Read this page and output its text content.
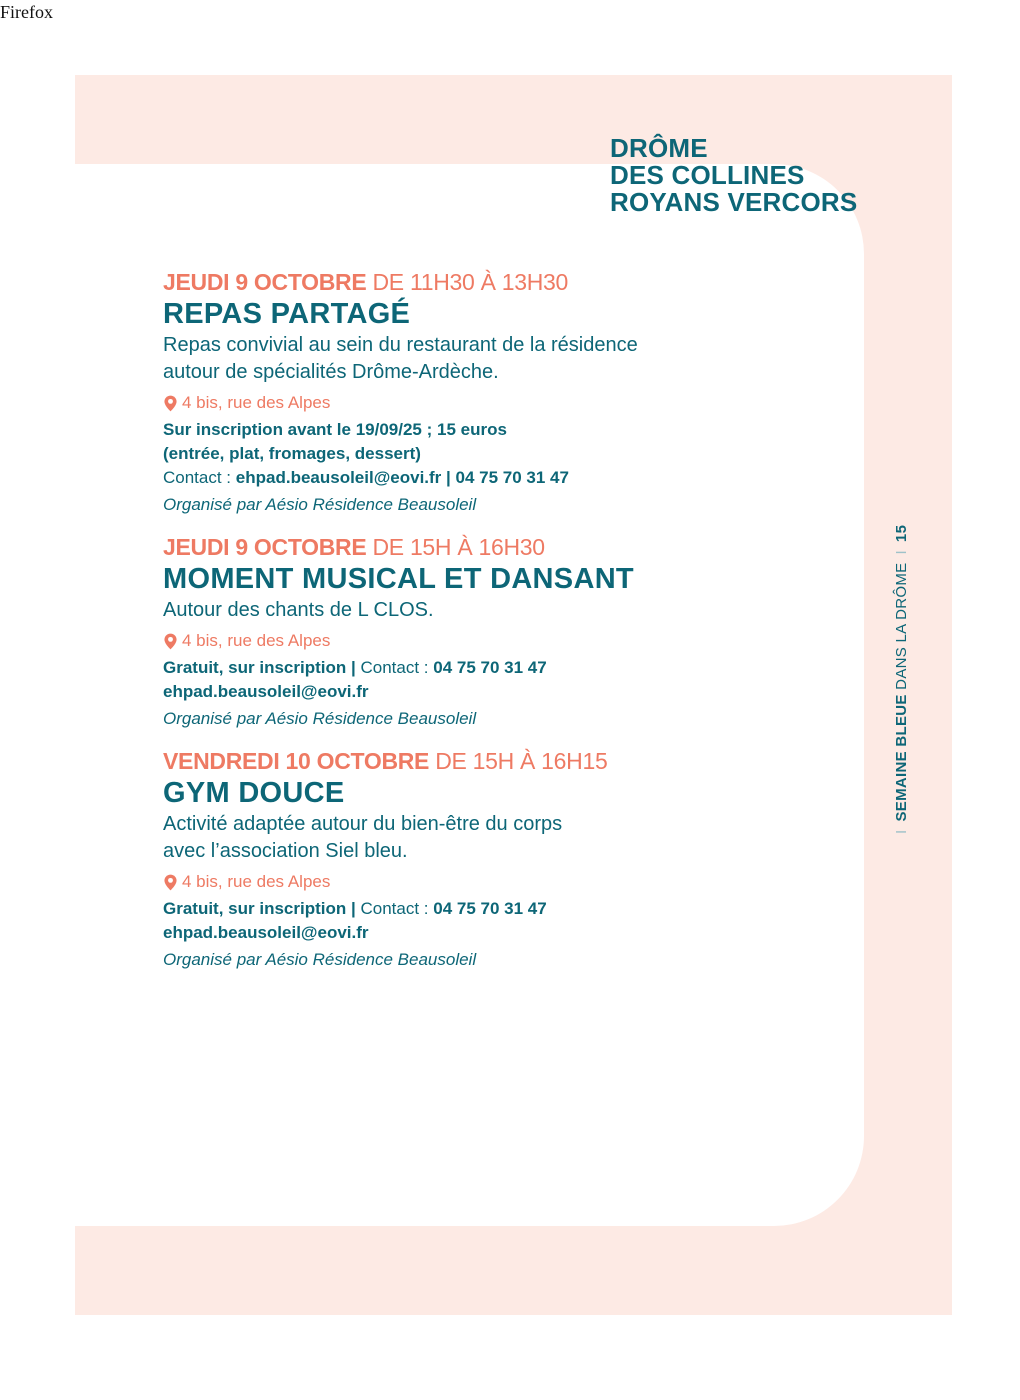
Firefox
DRÔME
DES COLLINES
ROYANS VERCORS
JEUDI 9 OCTOBRE DE 11H30 À 13H30
REPAS PARTAGÉ
Repas convivial au sein du restaurant de la résidence
autour de spécialités Drôme-Ardèche.
4 bis, rue des Alpes
Sur inscription avant le 19/09/25 ; 15 euros
(entrée, plat, fromages, dessert)
Contact : ehpad.beausoleil@eovi.fr | 04 75 70 31 47
Organisé par Aésio Résidence Beausoleil
JEUDI 9 OCTOBRE DE 15H À 16H30
MOMENT MUSICAL ET DANSANT
Autour des chants de L CLOS.
4 bis, rue des Alpes
Gratuit, sur inscription | Contact : 04 75 70 31 47
ehpad.beausoleil@eovi.fr
Organisé par Aésio Résidence Beausoleil
VENDREDI 10 OCTOBRE DE 15H À 16H15
GYM DOUCE
Activité adaptée autour du bien-être du corps
avec l’association Siel bleu.
4 bis, rue des Alpes
Gratuit, sur inscription | Contact : 04 75 70 31 47
ehpad.beausoleil@eovi.fr
Organisé par Aésio Résidence Beausoleil
ISEMAINE BLEUE DANS LA DRÔMEI15
